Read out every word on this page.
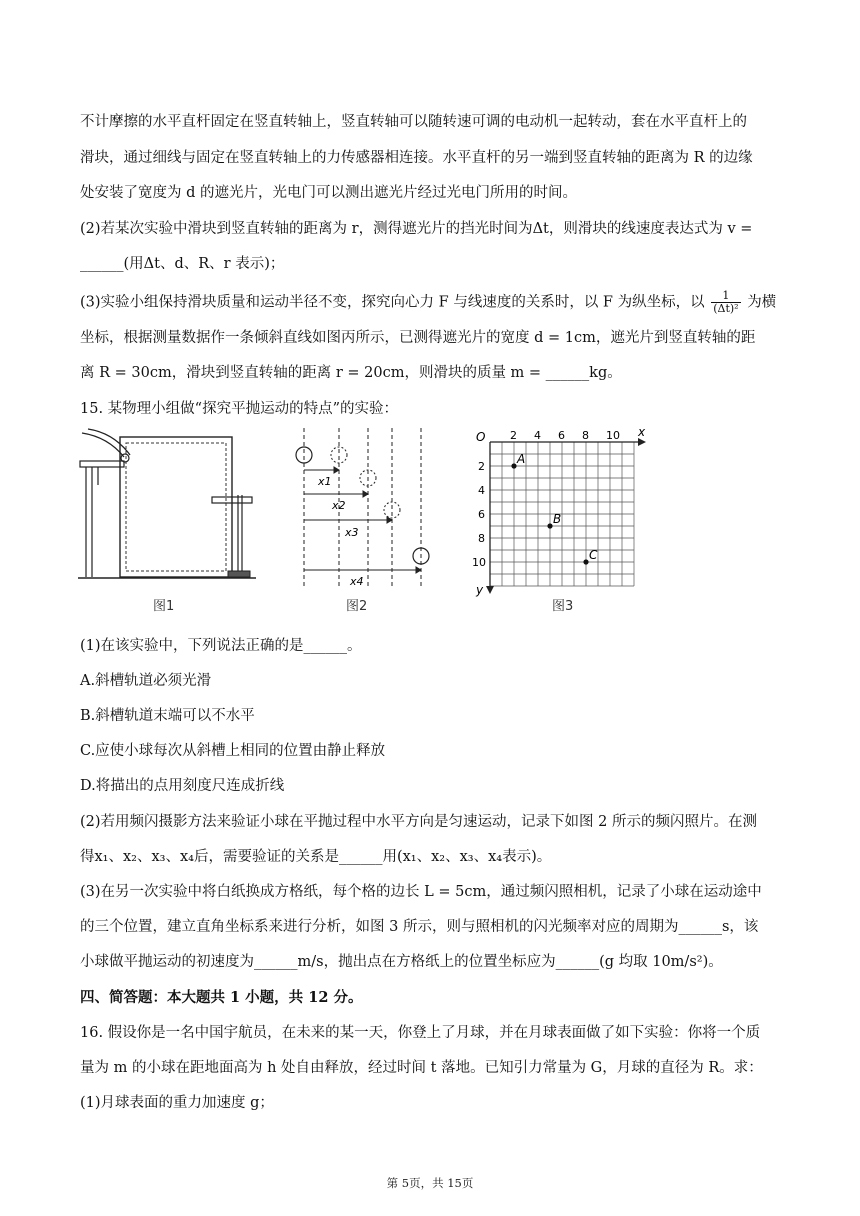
不计摩擦的水平直杆固定在竖直转轴上，竖直转轴可以随转速可调的电动机一起转动，套在水平直杆上的
滑块，通过细线与固定在竖直转轴上的力传感器相连接。水平直杆的另一端到竖直转轴的距离为 R 的边缘
处安装了宽度为 d 的遮光片，光电门可以测出遮光片经过光电门所用的时间。
(2)若某次实验中滑块到竖直转轴的距离为 r，测得遮光片的挡光时间为Δt，则滑块的线速度表达式为 v =
______(用Δt、d、R、r 表示)；
(3)实验小组保持滑块质量和运动半径不变，探究向心力 F 与线速度的关系时，以 F 为纵坐标，以 $\frac{1}{\text{(Δt)²}}$ 为横
坐标，根据测量数据作一条倾斜直线如图丙所示，已测得遮光片的宽度 d = 1cm，遮光片到竖直转轴的距
离 R = 30cm，滑块到竖直转轴的距离 r = 20cm，则滑块的质量 m = ______kg。
15. 某物理小组做“探究平抛运动的特点”的实验：
图1
x1
x2
x3
x4
图2
O	x
y
2 4 6 8 10
2
4
6
8
10
A
B
C
图3
(1)在该实验中，下列说法正确的是______。
A.斜槽轨道必须光滑
B.斜槽轨道末端可以不水平
C.应使小球每次从斜槽上相同的位置由静止释放
D.将描出的点用刻度尺连成折线
(2)若用频闪摄影方法来验证小球在平抛过程中水平方向是匀速运动，记录下如图 2 所示的频闪照片。在测
得x₁、x₂、x₃、x₄后，需要验证的关系是______用(x₁、x₂、x₃、x₄表示)。
(3)在另一次实验中将白纸换成方格纸，每个格的边长 L = 5cm，通过频闪照相机，记录了小球在运动途中
的三个位置，建立直角坐标系来进行分析，如图 3 所示，则与照相机的闪光频率对应的周期为______s，该
小球做平抛运动的初速度为______m/s，抛出点在方格纸上的位置坐标应为______(g 均取 10m/s²)。
四、简答题：本大题共 1 小题，共 12 分。
16. 假设你是一名中国宇航员，在未来的某一天，你登上了月球，并在月球表面做了如下实验：你将一个质
量为 m 的小球在距地面高为 h 处自由释放，经过时间 t 落地。已知引力常量为 G，月球的直径为 R。求：
(1)月球表面的重力加速度 g；
第 5页，共 15页
